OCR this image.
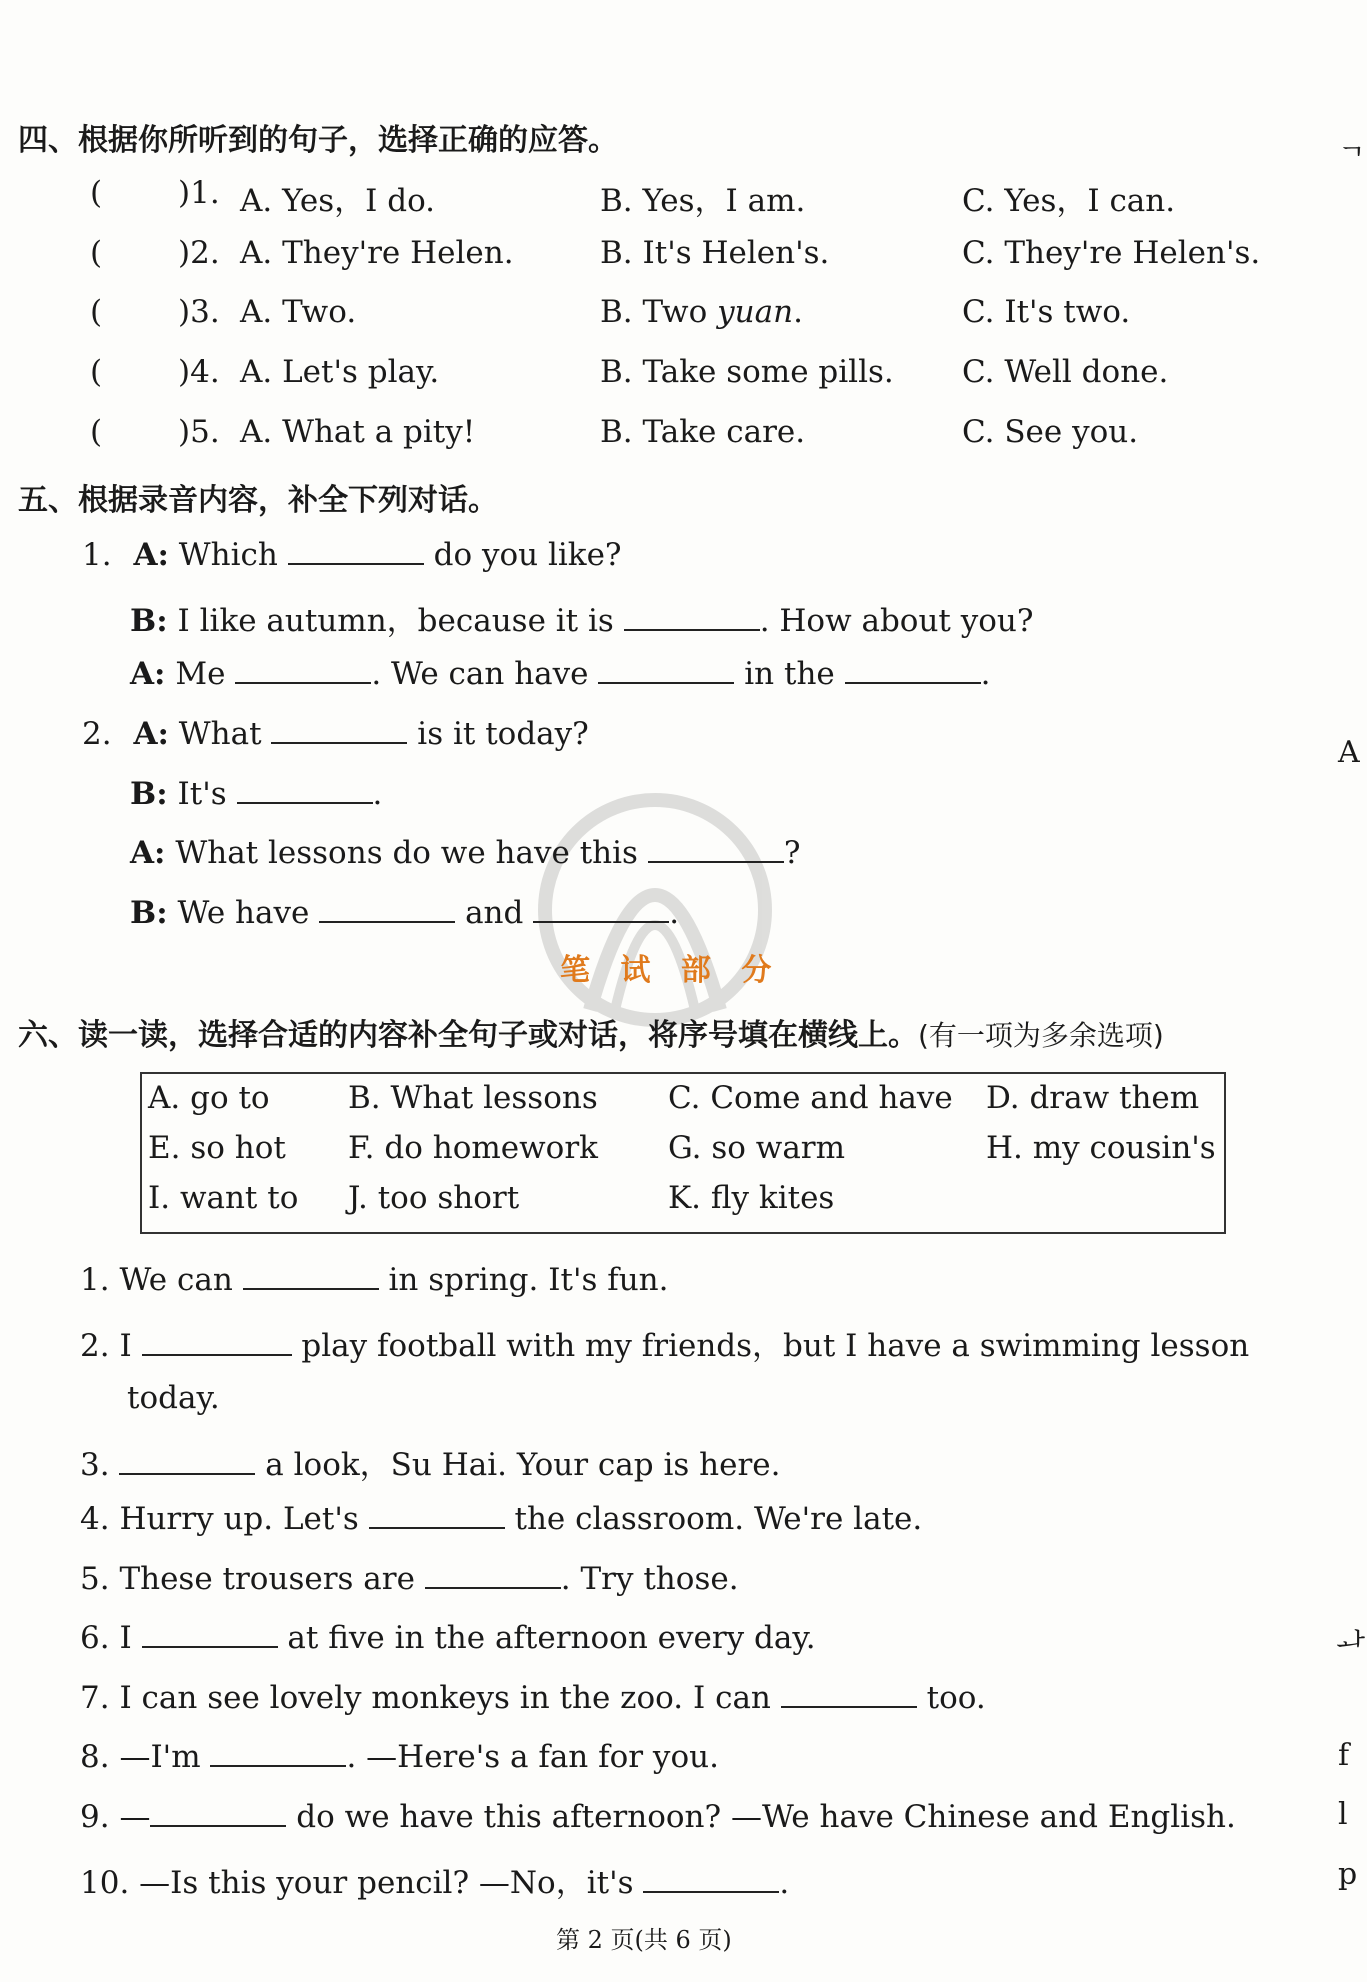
四、根据你所听到的句子，选择正确的应答。
( )1. A. Yes，I do.	B. Yes，I am.	C. Yes，I can.
( )2. A. They're Helen.	B. It's Helen's.	C. They're Helen's.
( )3. A. Two.	B. Two yuan.	C. It's two.
( )4. A. Let's play.	B. Take some pills. C. Well done.
( )5. A. What a pity!	B. Take care.	C. See you.
五、根据录音内容，补全下列对话。
1. A: Which	do you like?
B: I like autumn，because it is	. How about you?
A: Me	. We can have	in the	.
2. A: What	is it today?
B: It's	.
A: What lessons do we have this	?
B: We have	and	.
笔 试 部 分
六、读一读，选择合适的内容补全句子或对话，将序号填在横线上。(有一项为多余选项)
A. go to	B. What lessons C. Come and have D. draw them
E. so hot F. do homework G. so warm	H. my cousin's
I. want to J. too short	K. fly kites
1. We can	in spring. It's fun.
2. I	play football with my friends，but I have a swimming lesson
today.
3.	a look，Su Hai. Your cap is here.
4. Hurry up. Let's	the classroom. We're late.
5. These trousers are	. Try those.
6. I	at five in the afternoon every day.
7. I can see lovely monkeys in the zoo. I can	too.
8. —I'm	. —Here's a fan for you.
9. —	do we have this afternoon? —We have Chinese and English.
10. —Is this your pencil? —No，it's	.
第 2 页(共 6 页)
ᆨ
A
ᅪ
f
l
p
